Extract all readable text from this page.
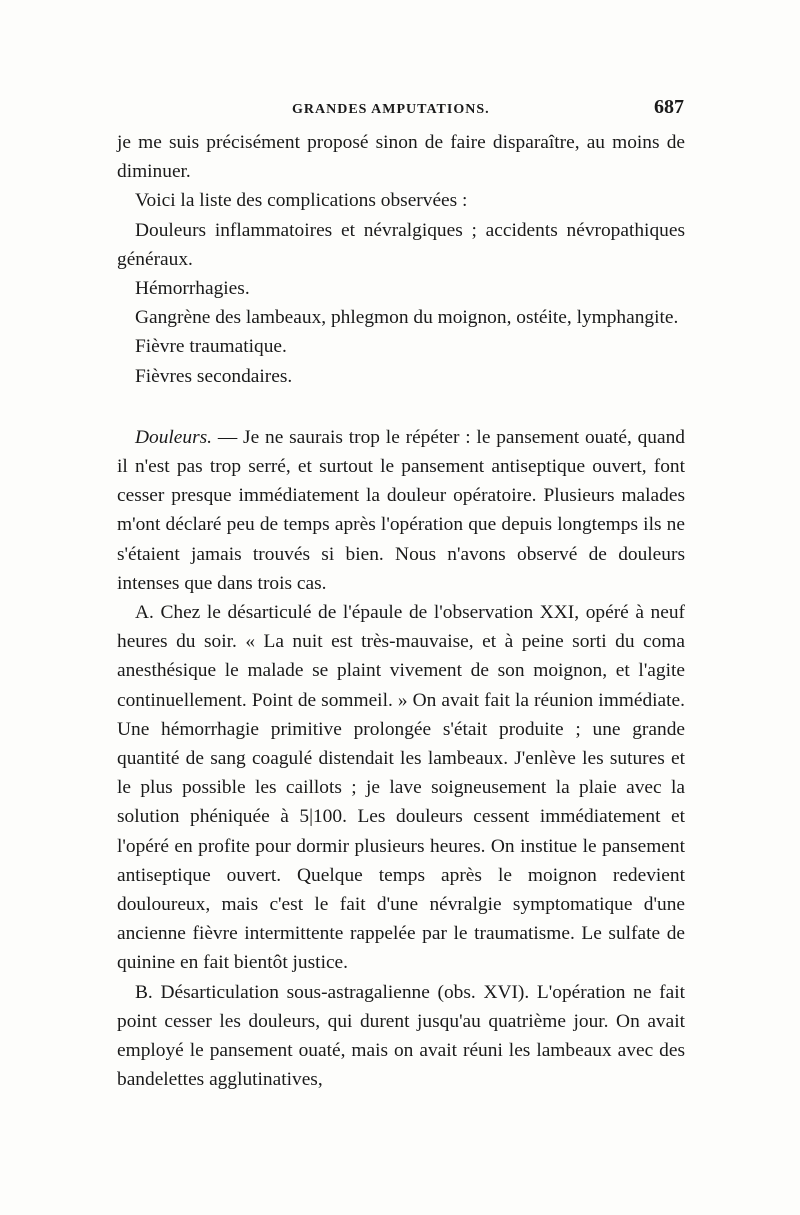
GRANDES AMPUTATIONS.	687

je me suis précisément proposé sinon de faire disparaître, au moins de diminuer.

Voici la liste des complications observées :

Douleurs inflammatoires et névralgiques ; accidents névropathiques généraux.

Hémorrhagies.

Gangrène des lambeaux, phlegmon du moignon, ostéite, lymphangite.

Fièvre traumatique.

Fièvres secondaires.

Douleurs. — Je ne saurais trop le répéter : le pansement ouaté, quand il n'est pas trop serré, et surtout le pansement antiseptique ouvert, font cesser presque immédiatement la douleur opératoire. Plusieurs malades m'ont déclaré peu de temps après l'opération que depuis longtemps ils ne s'étaient jamais trouvés si bien. Nous n'avons observé de douleurs intenses que dans trois cas.

A. Chez le désarticulé de l'épaule de l'observation XXI, opéré à neuf heures du soir. « La nuit est très-mauvaise, et à peine sorti du coma anesthésique le malade se plaint vivement de son moignon, et l'agite continuellement. Point de sommeil. » On avait fait la réunion immédiate. Une hémorrhagie primitive prolongée s'était produite ; une grande quantité de sang coagulé distendait les lambeaux. J'enlève les sutures et le plus possible les caillots ; je lave soigneusement la plaie avec la solution phéniquée à 5|100. Les douleurs cessent immédiatement et l'opéré en profite pour dormir plusieurs heures. On institue le pansement antiseptique ouvert. Quelque temps après le moignon redevient douloureux, mais c'est le fait d'une névralgie symptomatique d'une ancienne fièvre intermittente rappelée par le traumatisme. Le sulfate de quinine en fait bientôt justice.

B. Désarticulation sous-astragalienne (obs. XVI). L'opération ne fait point cesser les douleurs, qui durent jusqu'au quatrième jour. On avait employé le pansement ouaté, mais on avait réuni les lambeaux avec des bandelettes agglutinatives,
